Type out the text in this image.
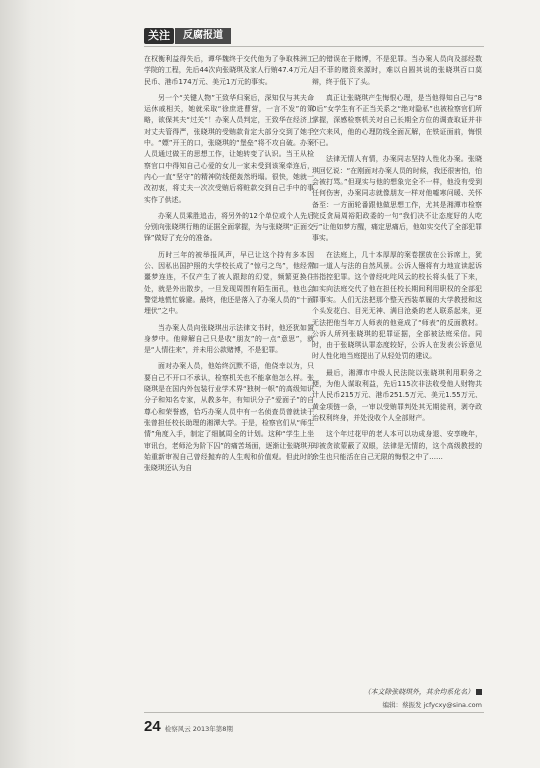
关注	反腐报道

在权衡利益得失后，谭华魏终于交代他为了争取株洲工学院的工程，先后44次向张晓琪及家人行贿47.4万元人民币、港币174万元、美元1万元的事实。

另一个“关键人物”王致华归案后，深知仅与其夫命运休戚相关，她就采取“徐庶进曹营，一言不发”的策略，欲保其夫“过关”！办案人员判定，王致华在经济上对丈夫管得严，张晓琪的受贿款肯定大部分交到了她手中。“嫖”开王的口，张晓琪的“堡垒”将不攻自破。办案人员通过做王的思想工作，让她转变了认识。当王从检察官口中得知自己心爱的女儿一家未受到该案牵连后，内心一直“坚守”的精神防线便轰然坍塌。很快，她就一改初衷，将丈夫一次次受贿后将赃款交到自己手中的事实作了供述。

办案人员乘胜追击，将另外的12个单位或个人先后分别向张晓琪行贿的证据全面掌握，为与张晓琪“正面交锋”做好了充分的准备。

历时三年的被举报风声，早已让这个持有多本因公、因私出国护照的大学校长成了“惊弓之鸟”，他经常噩梦连连，不仅产生了被人跟踪的幻觉，频繁更换住处，就是外出散步，一旦发现周围有陌生面孔，他也会警觉地慌忙躲避。最终，他还是落入了办案人员的“十面埋伏”之中。

当办案人员向张晓琪出示法律文书时，他还犹如置身梦中。他辩解自己只是收“朋友”的一点“意思”，就是“人情往来”，并未用公款赌博，不是犯罪。

面对办案人员，他始终沉默不语，他侥幸以为，只要自己不开口不承认，检察机关也不能拿他怎么样。张晓琪是在国内外包装行业学术界“独树一帜”的高级知识分子和知名专家，从教多年，有知识分子“爱面子”的自尊心和荣誉感，恰巧办案人员中有一名侦查员曾就读于张曾担任校长助理的湘潭大学。于是，检察官们从“师生情”角度入手，制定了细腻周全的计划。这种“学生上坐审讯台，老师沦为阶下囚”的痛苦场面，逐渐让张晓琪开始重新审视自己曾经抛弃的人生观和价值观。但此时的张晓琪还认为自

己的错误在于赌博，不是犯罪。当办案人员向及部经数目不菲的赌资来源时，难以自圆其说的张晓琪百口莫辩，终于低下了头。

真正让张晓琪产生悔恨心理，是当他得知自己与“80后”女学生有不正当关系之“绝对隐私”也被检察官们所掌握，深感检察机关对自己长期全方位的调查取证并非空穴来风，他的心理防线全面瓦解，在铁证面前，悔恨不已。

法律无情人有情，办案同志坚持人性化办案。张晓琪回忆说：“在刚面对办案人员的时候，我还很害怕，怕会被打骂。”但现实与他的想象完全不一样，他没有受到任何伤害，办案同志就像朋友一样对他嘘寒问暖、关怀备至：一方面轮番跟他做思想工作，尤其是湘潭市检察院反贪局周裕阳政委的一句“我们决不让态度好的人吃亏”让他如梦方醒，痛定思痛后，他如实交代了全部犯罪事实。

在法庭上，几十本厚厚的案卷摆放在公诉席上，犹如一道人与法的自然风景。公诉人镪将有力地宣读起诉书指控犯罪。这个曾经叱咤风云的校长将头低了下来，如实向法庭交代了他在担任校长期间利用职权的全部犯罪事实。人们无法把那个整天西装革履的大学教授和这个头发花白、目光无神、满目沧桑的老人联系起来，更无法把他当年万人师表的他竟成了“师表”的反面教材。公诉人所列张晓琪的犯罪证据，全部被法庭采信。同时，由于张晓琪认罪态度较好，公诉人在发表公诉意见时人性化地当庭提出了从轻处罚的建议。

最后，湘潭市中级人民法院以张晓琪利用职务之便，为他人谋取利益，先后115次非法收受他人财物共计人民币215万元、港币251.5万元、美元1.55万元、黄金项链一条，一审以受贿罪判处其无期徒刑，剥夺政治权利终身，并处没收个人全部财产。

这个年过花甲的老人本可以功成身退、安享晚年，却被贪欲蒙蔽了双眼，法律是无情的，这个高级教授的余生也只能活在自己无限的悔恨之中了……

（本文除张晓琪外，其余均系化名）
编辑：蔡振发 jcfycxy@sina.com
24 检察风云 2013年第8期
